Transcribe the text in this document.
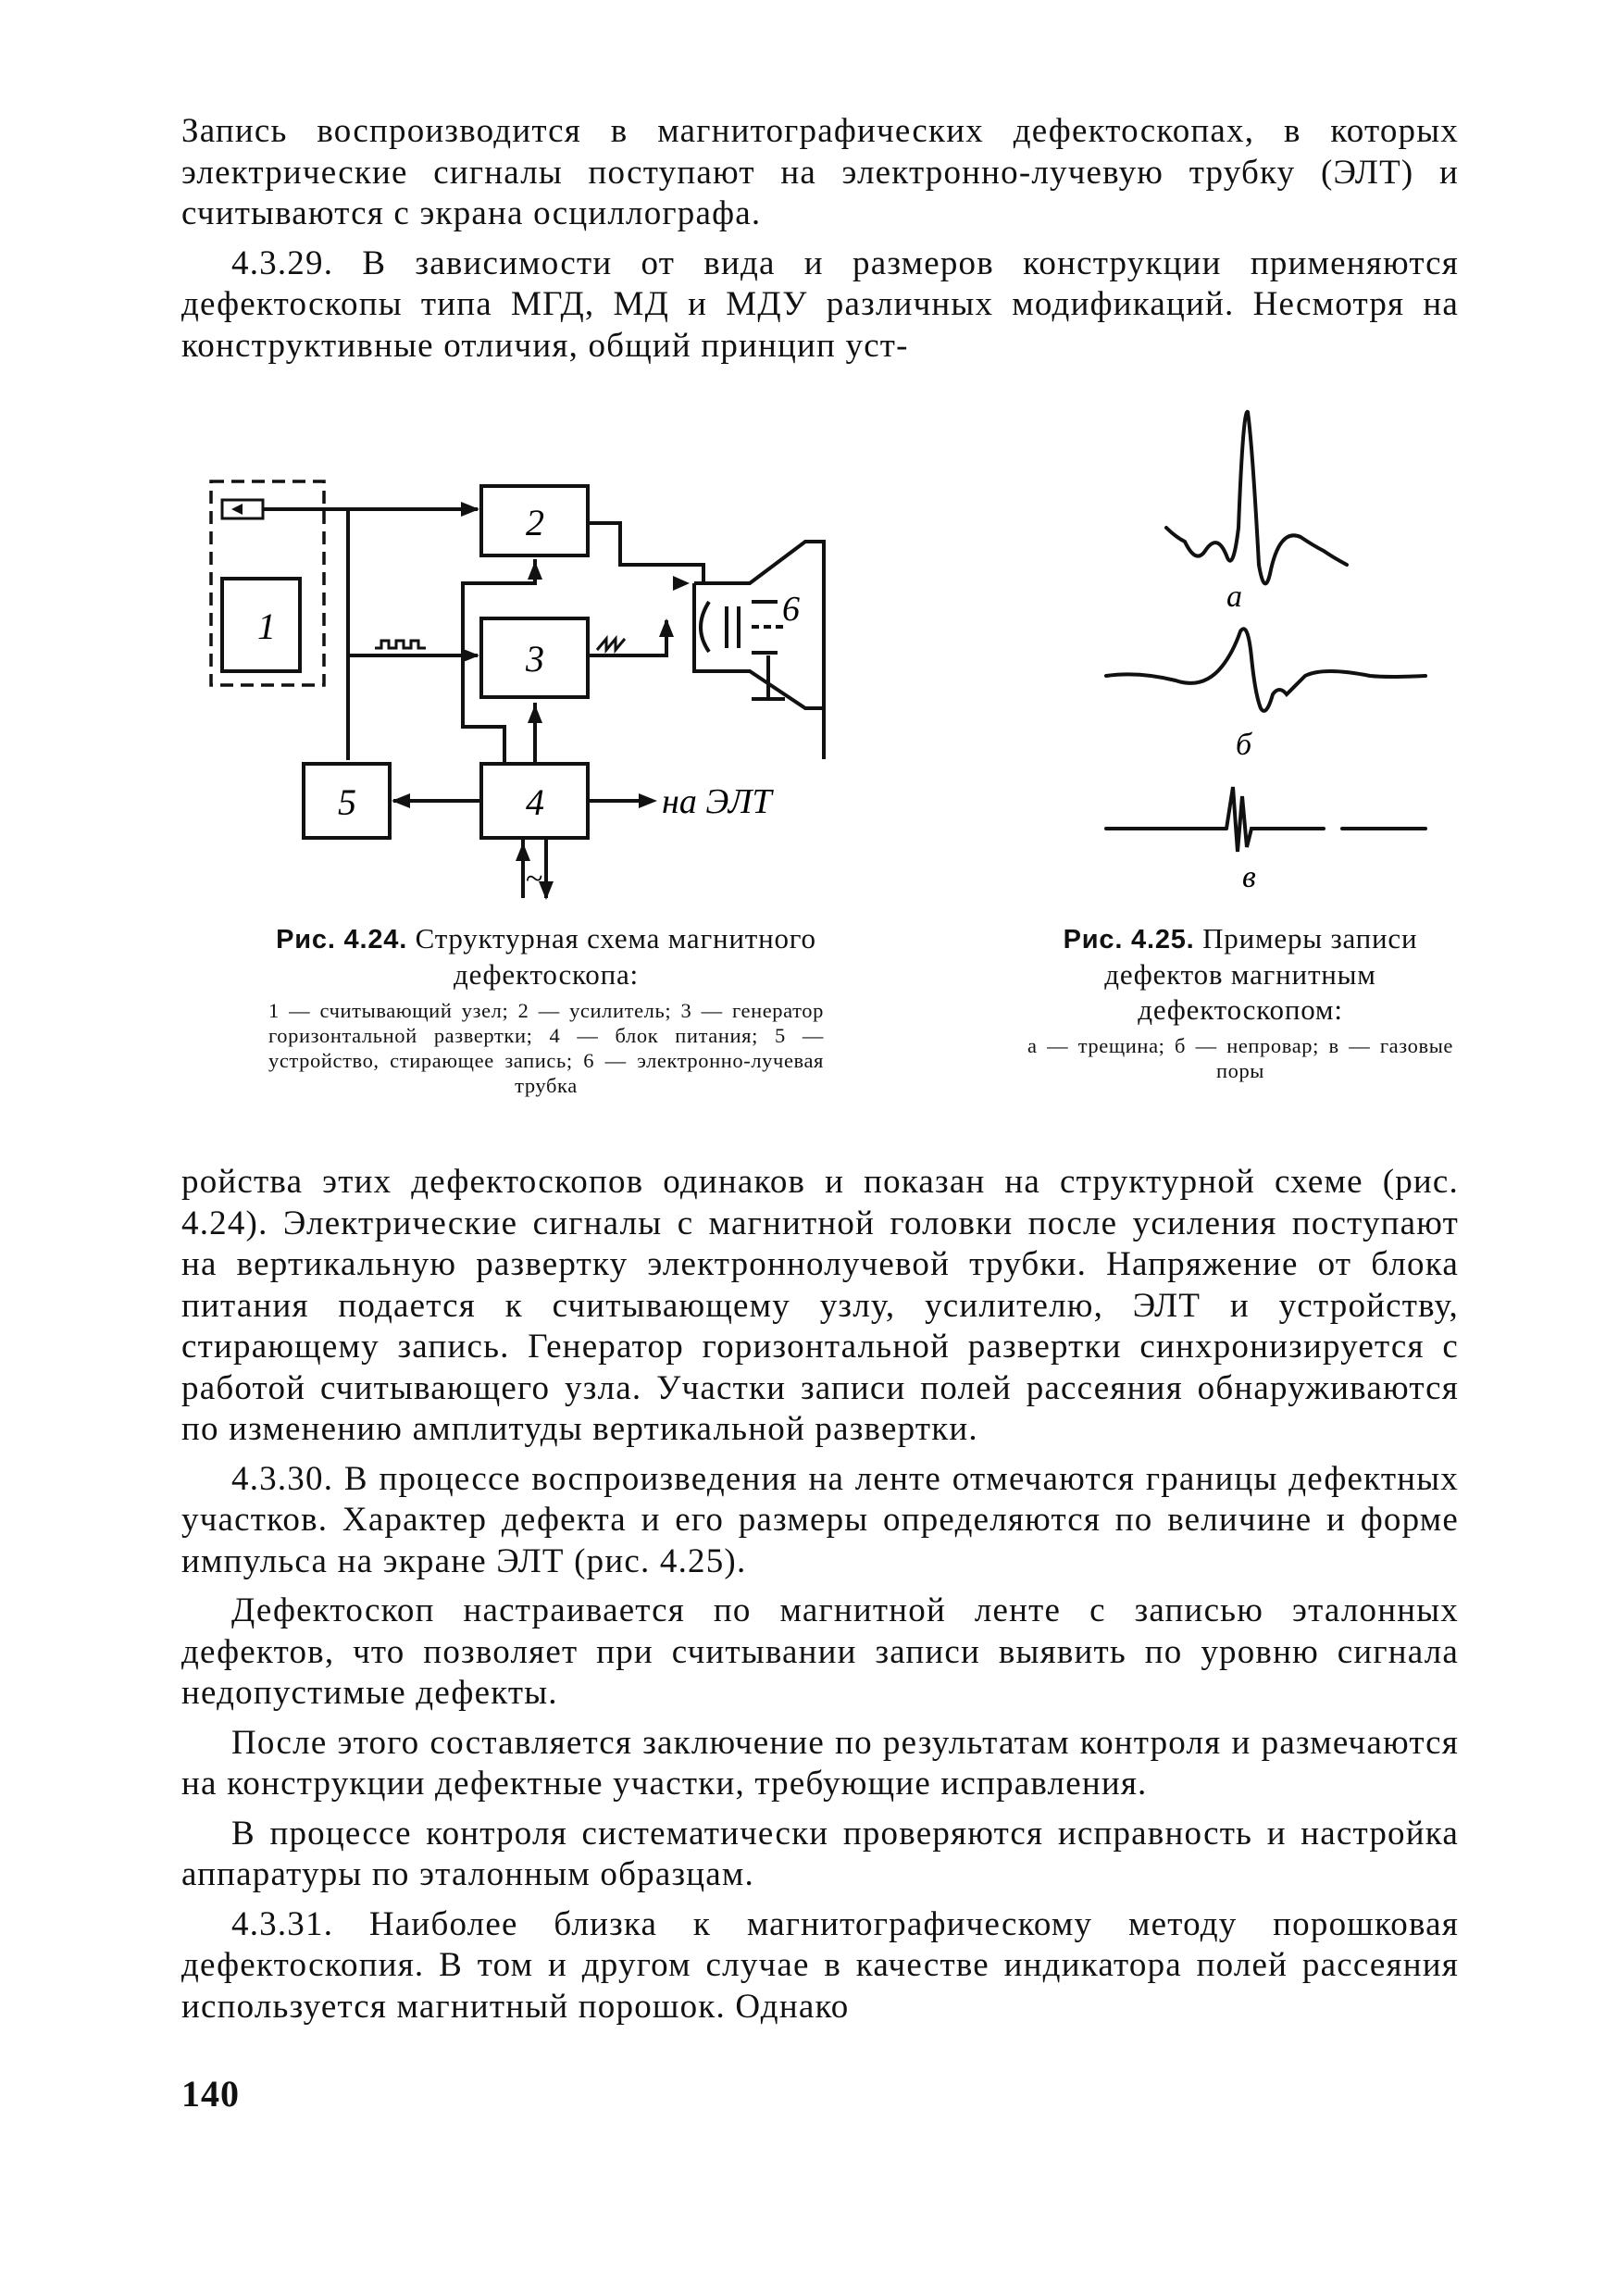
Запись воспроизводится в магнитографических дефектоскопах, в которых электрические сигналы поступают на электронно-лучевую трубку (ЭЛТ) и считываются с экрана осциллографа.

4.3.29. В зависимости от вида и размеров конструкции применяются дефектоскопы типа МГД, МД и МДУ различных модификаций. Несмотря на конструктивные отличия, общий принцип уст-

1
2
3
4
5
6
на ЭЛТ
~
Рис. 4.24. Структурная схема магнитного дефектоскопа:
1 — считывающий узел; 2 — усилитель; 3 — генератор горизонтальной развертки; 4 — блок питания; 5 — устройство, стирающее запись; 6 — электронно-лучевая трубка
а
б
в
Рис. 4.25. Примеры записи дефектов магнитным дефектоскопом:
а — трещина; б — непровар; в — газовые поры

ройства этих дефектоскопов одинаков и показан на структурной схеме (рис. 4.24). Электрические сигналы с магнитной головки после усиления поступают на вертикальную развертку электроннолучевой трубки. Напряжение от блока питания подается к считывающему узлу, усилителю, ЭЛТ и устройству, стирающему запись. Генератор горизонтальной развертки синхронизируется с работой считывающего узла. Участки записи полей рассеяния обнаруживаются по изменению амплитуды вертикальной развертки.

4.3.30. В процессе воспроизведения на ленте отмечаются границы дефектных участков. Характер дефекта и его размеры определяются по величине и форме импульса на экране ЭЛТ (рис. 4.25).

Дефектоскоп настраивается по магнитной ленте с записью эталонных дефектов, что позволяет при считывании записи выявить по уровню сигнала недопустимые дефекты.

После этого составляется заключение по результатам контроля и размечаются на конструкции дефектные участки, требующие исправления.

В процессе контроля систематически проверяются исправность и настройка аппаратуры по эталонным образцам.

4.3.31. Наиболее близка к магнитографическому методу порошковая дефектоскопия. В том и другом случае в качестве индикатора полей рассеяния используется магнитный порошок. Однако

140
